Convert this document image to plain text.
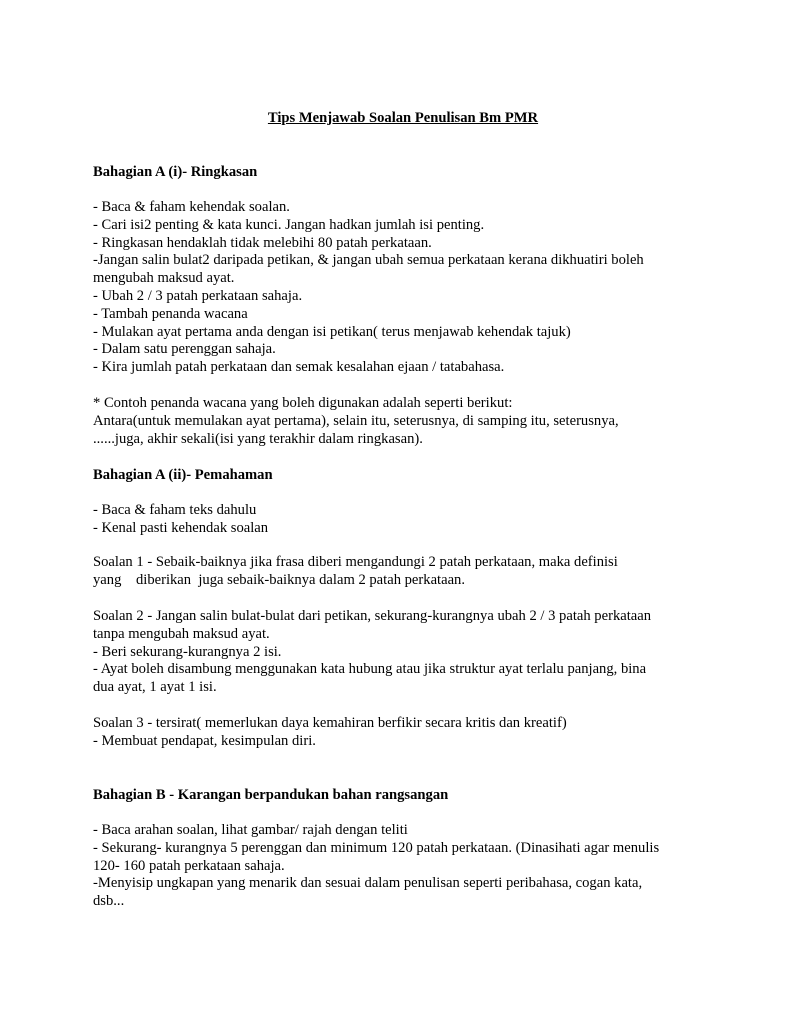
Tips Menjawab Soalan Penulisan Bm PMR
Bahagian A (i)- Ringkasan
- Baca & faham kehendak soalan.
- Cari isi2 penting & kata kunci. Jangan hadkan jumlah isi penting.
- Ringkasan hendaklah tidak melebihi 80 patah perkataan.
-Jangan salin bulat2 daripada petikan, & jangan ubah semua perkataan kerana dikhuatiri boleh
mengubah maksud ayat.
- Ubah 2 / 3 patah perkataan sahaja.
- Tambah penanda wacana
- Mulakan ayat pertama anda dengan isi petikan( terus menjawab kehendak tajuk)
- Dalam satu perenggan sahaja.
- Kira jumlah patah perkataan dan semak kesalahan ejaan / tatabahasa.
* Contoh penanda wacana yang boleh digunakan adalah seperti berikut:
Antara(untuk memulakan ayat pertama), selain itu, seterusnya, di samping itu, seterusnya,
......juga, akhir sekali(isi yang terakhir dalam ringkasan).
Bahagian A (ii)- Pemahaman
- Baca & faham teks dahulu
- Kenal pasti kehendak soalan
Soalan 1 - Sebaik-baiknya jika frasa diberi mengandungi 2 patah perkataan, maka definisi
yang    diberikan  juga sebaik-baiknya dalam 2 patah perkataan.
Soalan 2 - Jangan salin bulat-bulat dari petikan, sekurang-kurangnya ubah 2 / 3 patah perkataan
tanpa mengubah maksud ayat.
- Beri sekurang-kurangnya 2 isi.
- Ayat boleh disambung menggunakan kata hubung atau jika struktur ayat terlalu panjang, bina
dua ayat, 1 ayat 1 isi.
Soalan 3 - tersirat( memerlukan daya kemahiran berfikir secara kritis dan kreatif)
- Membuat pendapat, kesimpulan diri.
Bahagian B - Karangan berpandukan bahan rangsangan
- Baca arahan soalan, lihat gambar/ rajah dengan teliti
- Sekurang- kurangnya 5 perenggan dan minimum 120 patah perkataan. (Dinasihati agar menulis
120- 160 patah perkataan sahaja.
-Menyisip ungkapan yang menarik dan sesuai dalam penulisan seperti peribahasa, cogan kata,
dsb...
